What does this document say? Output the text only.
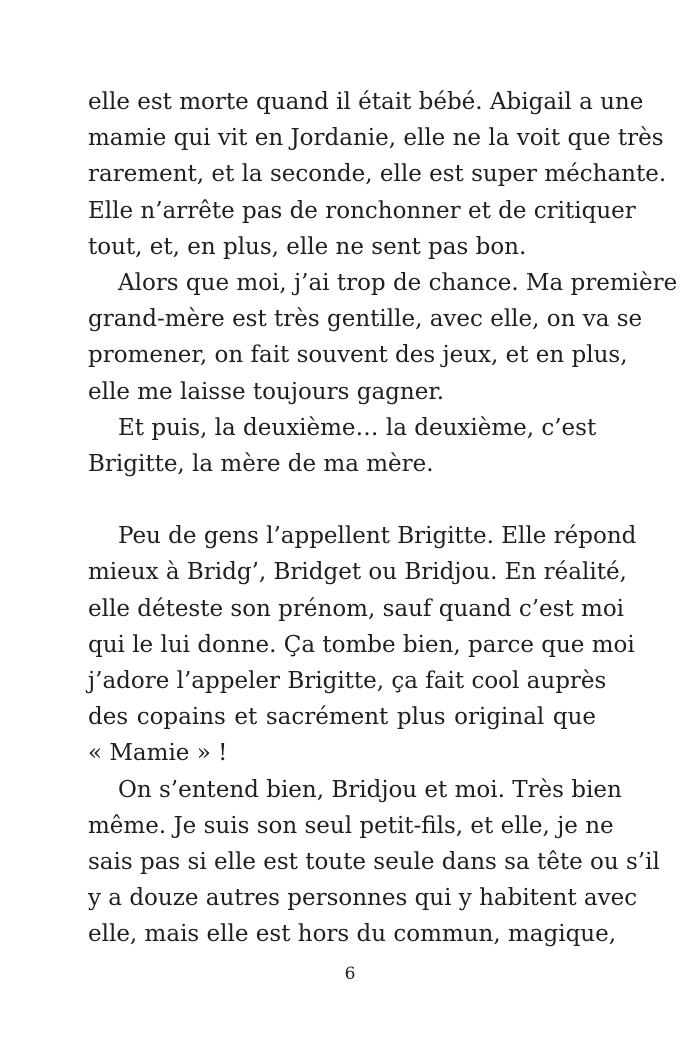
elle est morte quand il était bébé. Abigail a une
mamie qui vit en Jordanie, elle ne la voit que très
rarement, et la seconde, elle est super méchante.
Elle n’arrête pas de ronchonner et de critiquer
tout, et, en plus, elle ne sent pas bon.
Alors que moi, j’ai trop de chance. Ma première
grand-mère est très gentille, avec elle, on va se
promener, on fait souvent des jeux, et en plus,
elle me laisse toujours gagner.
Et puis, la deuxième… la deuxième, c’est
Brigitte, la mère de ma mère.
Peu de gens l’appellent Brigitte. Elle répond
mieux à Bridg’, Bridget ou Bridjou. En réalité,
elle déteste son prénom, sauf quand c’est moi
qui le lui donne. Ça tombe bien, parce que moi
j’adore l’appeler Brigitte, ça fait cool auprès
des copains et sacrément plus original que
« Mamie » !
On s’entend bien, Bridjou et moi. Très bien
même. Je suis son seul petit-fils, et elle, je ne
sais pas si elle est toute seule dans sa tête ou s’il
y a douze autres personnes qui y habitent avec
elle, mais elle est hors du commun, magique,
6
